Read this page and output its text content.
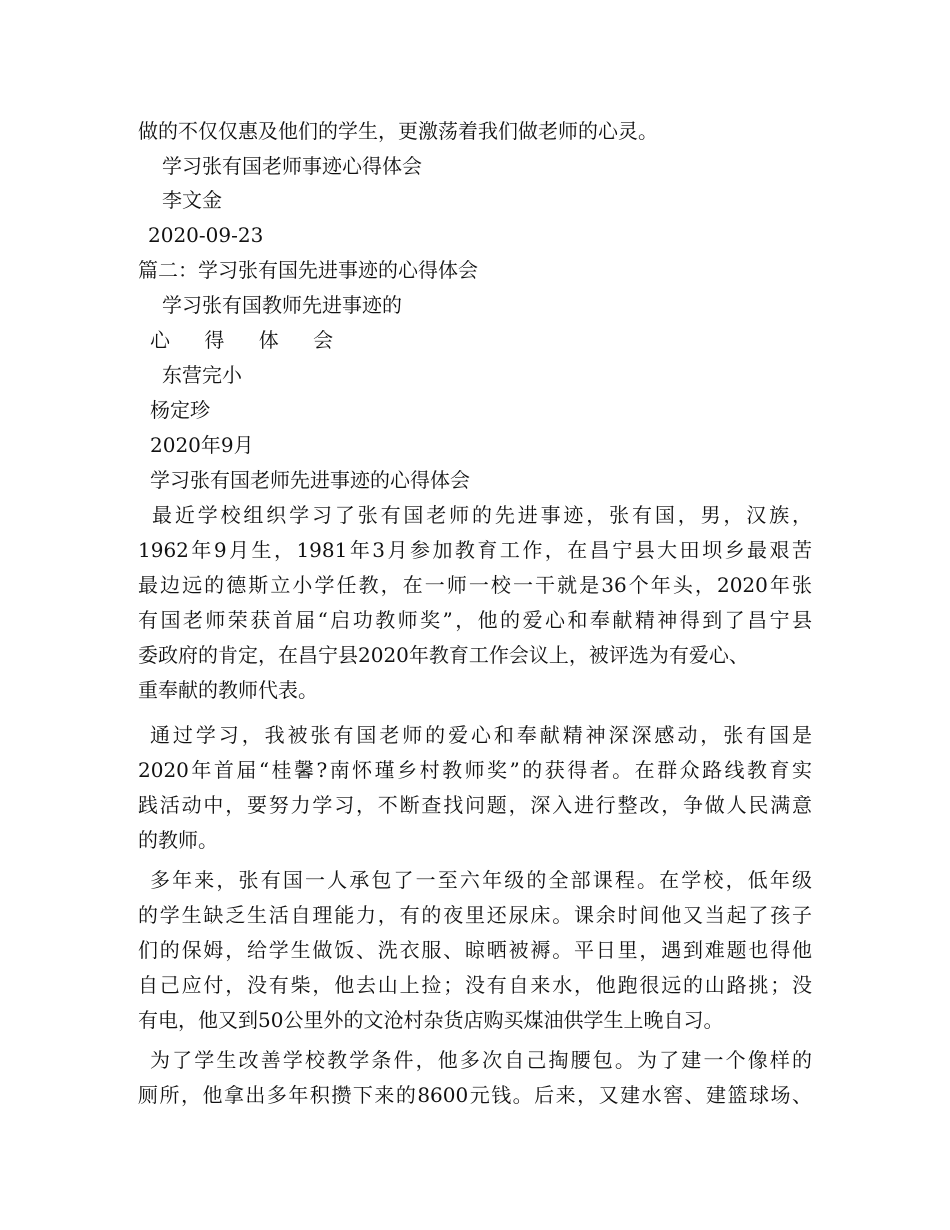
做的不仅仅惠及他们的学生，更激荡着我们做老师的心灵。
学习张有国老师事迹心得体会
李文金
2020-09-23
篇二：学习张有国先进事迹的心得体会
学习张有国教师先进事迹的
心 得 体 会
东营完小
杨定珍
2020年9月
学习张有国老师先进事迹的心得体会
最近学校组织学习了张有国老师的先进事迹，张有国，男，汉族，
1962年9月生，1981年3月参加教育工作，在昌宁县大田坝乡最艰苦
最边远的德斯立小学任教，在一师一校一干就是36个年头，2020年张
有国老师荣获首届“启功教师奖”，他的爱心和奉献精神得到了昌宁县
委政府的肯定，在昌宁县2020年教育工作会议上，被评选为有爱心、
重奉献的教师代表。
通过学习，我被张有国老师的爱心和奉献精神深深感动，张有国是
2020年首届“桂馨?南怀瑾乡村教师奖”的获得者。在群众路线教育实
践活动中，要努力学习，不断查找问题，深入进行整改，争做人民满意
的教师。
多年来，张有国一人承包了一至六年级的全部课程。在学校，低年级
的学生缺乏生活自理能力，有的夜里还尿床。课余时间他又当起了孩子
们的保姆，给学生做饭、洗衣服、晾晒被褥。平日里，遇到难题也得他
自己应付，没有柴，他去山上捡；没有自来水，他跑很远的山路挑；没
有电，他又到50公里外的文沧村杂货店购买煤油供学生上晚自习。
为了学生改善学校教学条件，他多次自己掏腰包。为了建一个像样的
厕所，他拿出多年积攒下来的8600元钱。后来，又建水窖、建篮球场、
